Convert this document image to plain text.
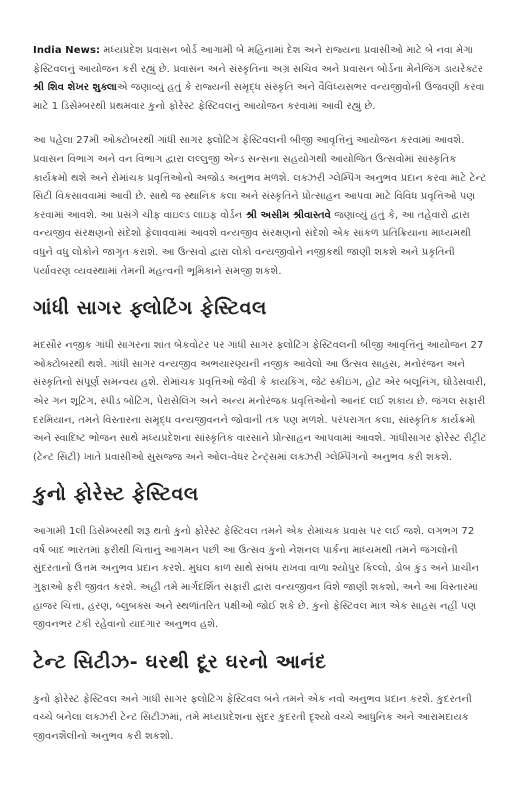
India News: મધ્યપ્રદેશ પ્રવાસન બોર્ડ આગામી બે મહિનામાં દેશ અને રાજ્યના પ્રવાસીઓ માટે બે નવા મેગા ફેસ્ટિવલનું આયોજન કરી રહ્યું છે. પ્રવાસન અને સંસ્કૃતિના અગ્ર સચિવ અને પ્રવાસન બોર્ડના મેનેજિંગ ડાયરેક્ટર શ્રી શિવ શેખર શુક્લાએ જણાવ્યું હતું કે રાજ્યની સમૃદ્ધ સંસ્કૃતિ અને વૈવિધ્યસભર વન્યજીવોની ઉજવણી કરવા માટે 1 ડિસેમ્બરથી પ્રથમવાર કુનો ફોરેસ્ટ ફેસ્ટિવલનું આયોજન કરવામાં આવી રહ્યું છે.

આ પહેલા 27મી ઓક્ટોબરથી ગાંધી સાગર ફ્લોટિંગ ફેસ્ટિવલની બીજી આવૃત્તિનું આયોજન કરવામાં આવશે. પ્રવાસન વિભાગ અને વન વિભાગ દ્વારા લલ્લુજી એન્ડ સન્સના સહયોગથી આયોજિત ઉત્સવોમાં સાંસ્કૃતિક કાર્યક્રમો થશે અને રોમાંચક પ્રવૃત્તિઓનો અજોડ અનુભવ મળશે. લક્ઝરી ગ્લેમ્પિંગ અનુભવ પ્રદાન કરવા માટે ટેન્ટ સિટી વિકસાવવામાં આવી છે. સાથે જ સ્થાનિક કલા અને સંસ્કૃતિને પ્રોત્સાહન આપવા માટે વિવિધ પ્રવૃત્તિઓ પણ કરવામાં આવશે. આ પ્રસંગે ચીફ વાઇલ્ડ લાઇફ વોર્ડન શ્રી અસીમ શ્રીવાસ્તવે જણાવ્યું હતું કે, આ તહેવારો દ્વારા વન્યજીવ સંરક્ષણનો સંદેશો ફેલાવવામાં આવશે વન્યજીવ સંરક્ષણનો સંદેશો એક સાંકળ પ્રતિક્રિયાના માધ્યમથી વધુને વધુ લોકોને જાગૃત કરાશે. આ ઉત્સવો દ્વારા લોકો વન્યજીવોને નજીકથી જાણી શકશે અને પ્રકૃતિની પર્યાવરણ વ્યવસ્થામાં તેમની મહત્વની ભૂમિકાને સમજી શકશે.

ગાંધી સાગર ફ્લોટિંગ ફેસ્ટિવલ

મંદસૌર નજીક ગાંધી સાગરના શાંત બેકવોટર પર ગાંધી સાગર ફ્લોટિંગ ફેસ્ટિવલની બીજી આવૃત્તિનું આયોજન 27 ઓક્ટોબરથી થશે. ગાંધી સાગર વન્યજીવ અભયારણ્યની નજીક આવેલો આ ઉત્સવ સાહસ, મનોરંજન અને સંસ્કૃતિનો સંપૂર્ણ સમન્વય હશે. રોમાંચક પ્રવૃત્તિઓ જેવી કે કાયકિંગ, જેટ સ્કીઇંગ, હોટ એર બલૂનિંગ, ઘોડેસવારી, એર ગન શૂટિંગ, સ્પીડ બોટિંગ, પેરાસેલિંગ અને અન્ય મનોરંજક પ્રવૃત્તિઓનો આનંદ લઈ શકાય છે. જંગલ સફારી દરમિયાન, તમને વિસ્તારના સમૃદ્ધ વન્યજીવનને જોવાની તક પણ મળશે. પરંપરાગત કલા, સાંસ્કૃતિક કાર્યક્રમો અને સ્વાદિષ્ટ ભોજન સાથે મધ્યપ્રદેશના સાંસ્કૃતિક વારસાને પ્રોત્સાહન આપવામાં આવશે. ગાંધીસાગર ફોરેસ્ટ રીટ્રીટ (ટેન્ટ સિટી) ખાતે પ્રવાસીઓ સુસજ્જ અને ઓલ-વેધર ટેન્ટ્સમાં લક્ઝરી ગ્લેમ્પિંગનો અનુભવ કરી શકશે.

કુનો ફોરેસ્ટ ફેસ્ટિવલ

આગામી 1લી ડિસેમ્બરથી શરૂ થતો કુનો ફોરેસ્ટ ફેસ્ટિવલ તમને એક રોમાંચક પ્રવાસ પર લઈ જશે. લગભગ 72 વર્ષ બાદ ભારતમાં ફરીથી ચિત્તાનું આગમન પછી આ ઉત્સવ કુનો નેશનલ પાર્કના માધ્યમથી તમને જંગલોની સુંદરતાનો ઉત્તમ અનુભવ પ્રદાન કરશે. મુઘલ કાળ સાથે સંબંધ રાખવા વાળા શ્યોપુર કિલ્લો, ડોબ કુંડ અને પ્રાચીન ગુફાઓ ફરી જીવંત કરશે. અહીં તમે માર્ગદર્શિત સફારી દ્વારા વન્યજીવન વિશે જાણી શકશો, અને આ વિસ્તારમાં હાજર ચિત્તા, હરણ, બ્લુબક્સ અને સ્થળાંતરિત પક્ષીઓ જોઈ શકે છે. કુનો ફેસ્ટિવલ માત્ર એક સાહસ નહીં પણ જીવનભર ટકી રહેવાનો યાદગાર અનુભવ હશે.

ટેન્ટ સિટીઝ- ઘરથી દૂર ઘરનો આનંદ

કુનો ફોરેસ્ટ ફેસ્ટિવલ અને ગાંધી સાગર ફ્લોટિંગ ફેસ્ટિવલ બંને તમને એક નવો અનુભવ પ્રદાન કરશે. કુદરતની વચ્ચે બનેલા લક્ઝરી ટેન્ટ સિટીઝમાં, તમે મધ્યપ્રદેશના સુંદર કુદરતી દૃશ્યો વચ્ચે આધુનિક અને આરામદાયક જીવનશૈલીનો અનુભવ કરી શકશો.
